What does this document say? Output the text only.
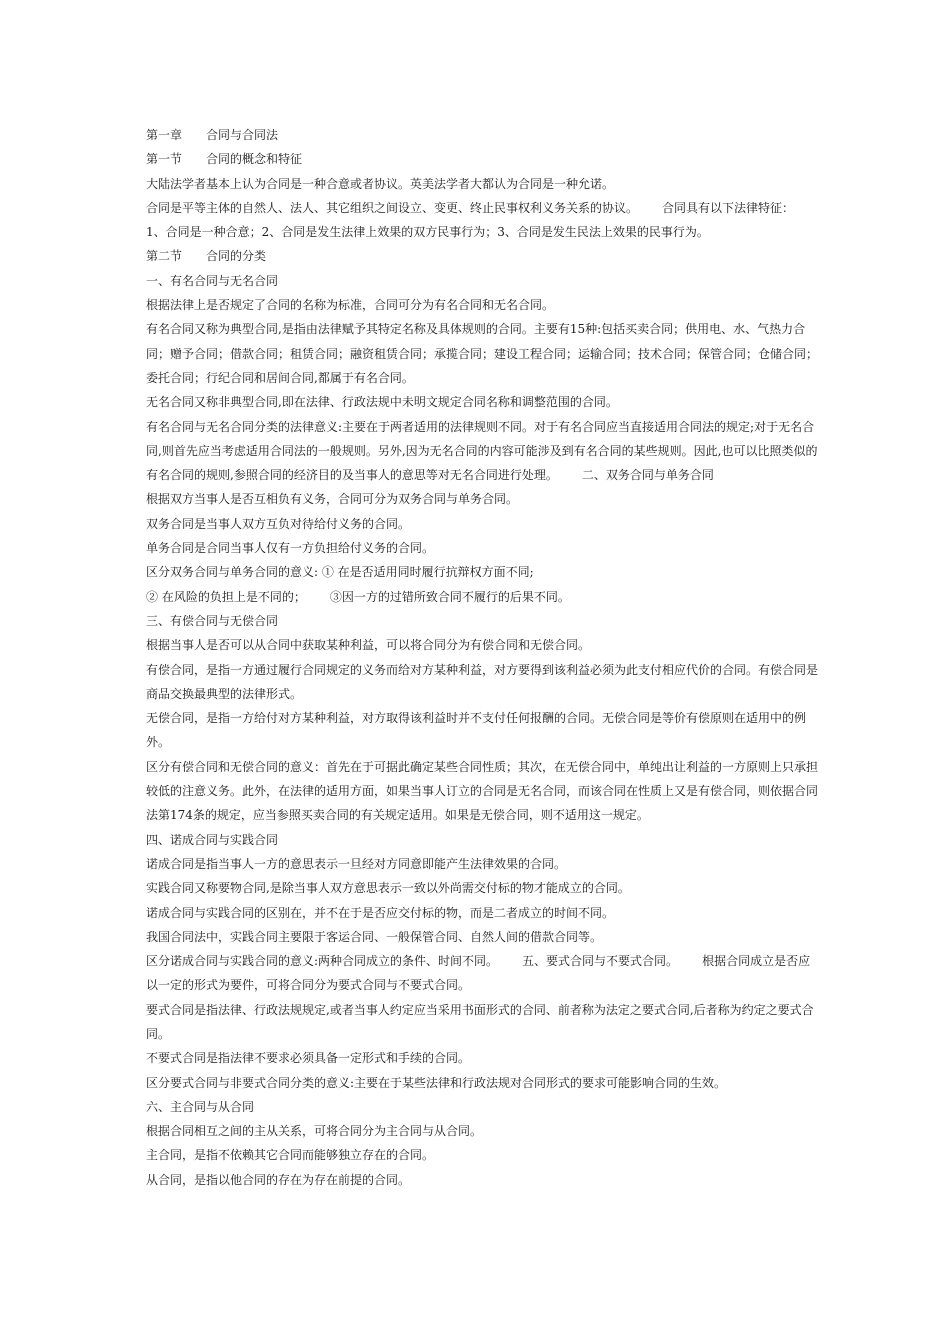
第一章 合同与合同法

第一节 合同的概念和特征

大陆法学者基本上认为合同是一种合意或者协议。英美法学者大都认为合同是一种允诺。

合同是平等主体的自然人、法人、其它组织之间设立、变更、终止民事权利义务关系的协议。 合同具有以下法律特征：

1、合同是一种合意；2、合同是发生法律上效果的双方民事行为；3、合同是发生民法上效果的民事行为。

第二节 合同的分类

一、有名合同与无名合同

根据法律上是否规定了合同的名称为标准，合同可分为有名合同和无名合同。

有名合同又称为典型合同,是指由法律赋予其特定名称及具体规则的合同。主要有15种:包括买卖合同；供用电、水、气热力合同；赠予合同；借款合同；租赁合同；融资租赁合同；承揽合同；建设工程合同；运输合同；技术合同；保管合同；仓储合同；委托合同；行纪合同和居间合同,都属于有名合同。

无名合同又称非典型合同,即在法律、行政法规中未明文规定合同名称和调整范围的合同。

有名合同与无名合同分类的法律意义:主要在于两者适用的法律规则不同。对于有名合同应当直接适用合同法的规定;对于无名合同,则首先应当考虑适用合同法的一般规则。另外,因为无名合同的内容可能涉及到有名合同的某些规则。因此,也可以比照类似的有名合同的规则,参照合同的经济目的及当事人的意思等对无名合同进行处理。 二、双务合同与单务合同

根据双方当事人是否互相负有义务，合同可分为双务合同与单务合同。

双务合同是当事人双方互负对待给付义务的合同。

单务合同是合同当事人仅有一方负担给付义务的合同。

区分双务合同与单务合同的意义: ① 在是否适用同时履行抗辩权方面不同;

② 在风险的负担上是不同的； ③因一方的过错所致合同不履行的后果不同。

三、有偿合同与无偿合同

根据当事人是否可以从合同中获取某种利益，可以将合同分为有偿合同和无偿合同。

有偿合同，是指一方通过履行合同规定的义务而给对方某种利益，对方要得到该利益必须为此支付相应代价的合同。有偿合同是商品交换最典型的法律形式。

无偿合同，是指一方给付对方某种利益，对方取得该利益时并不支付任何报酬的合同。无偿合同是等价有偿原则在适用中的例外。

区分有偿合同和无偿合同的意义：首先在于可据此确定某些合同性质；其次，在无偿合同中，单纯出让利益的一方原则上只承担较低的注意义务。此外，在法律的适用方面，如果当事人订立的合同是无名合同，而该合同在性质上又是有偿合同，则依据合同法第174条的规定，应当参照买卖合同的有关规定适用。如果是无偿合同，则不适用这一规定。

四、诺成合同与实践合同

诺成合同是指当事人一方的意思表示一旦经对方同意即能产生法律效果的合同。

实践合同又称要物合同,是除当事人双方意思表示一致以外尚需交付标的物才能成立的合同。

诺成合同与实践合同的区别在，并不在于是否应交付标的物，而是二者成立的时间不同。

我国合同法中，实践合同主要限于客运合同、一般保管合同、自然人间的借款合同等。

区分诺成合同与实践合同的意义:两种合同成立的条件、时间不同。 五、要式合同与不要式合同。 根据合同成立是否应以一定的形式为要件，可将合同分为要式合同与不要式合同。

要式合同是指法律、行政法规规定,或者当事人约定应当采用书面形式的合同、前者称为法定之要式合同,后者称为约定之要式合同。

不要式合同是指法律不要求必须具备一定形式和手续的合同。

区分要式合同与非要式合同分类的意义:主要在于某些法律和行政法规对合同形式的要求可能影响合同的生效。

六、主合同与从合同

根据合同相互之间的主从关系，可将合同分为主合同与从合同。

主合同，是指不依赖其它合同而能够独立存在的合同。

从合同，是指以他合同的存在为存在前提的合同。
